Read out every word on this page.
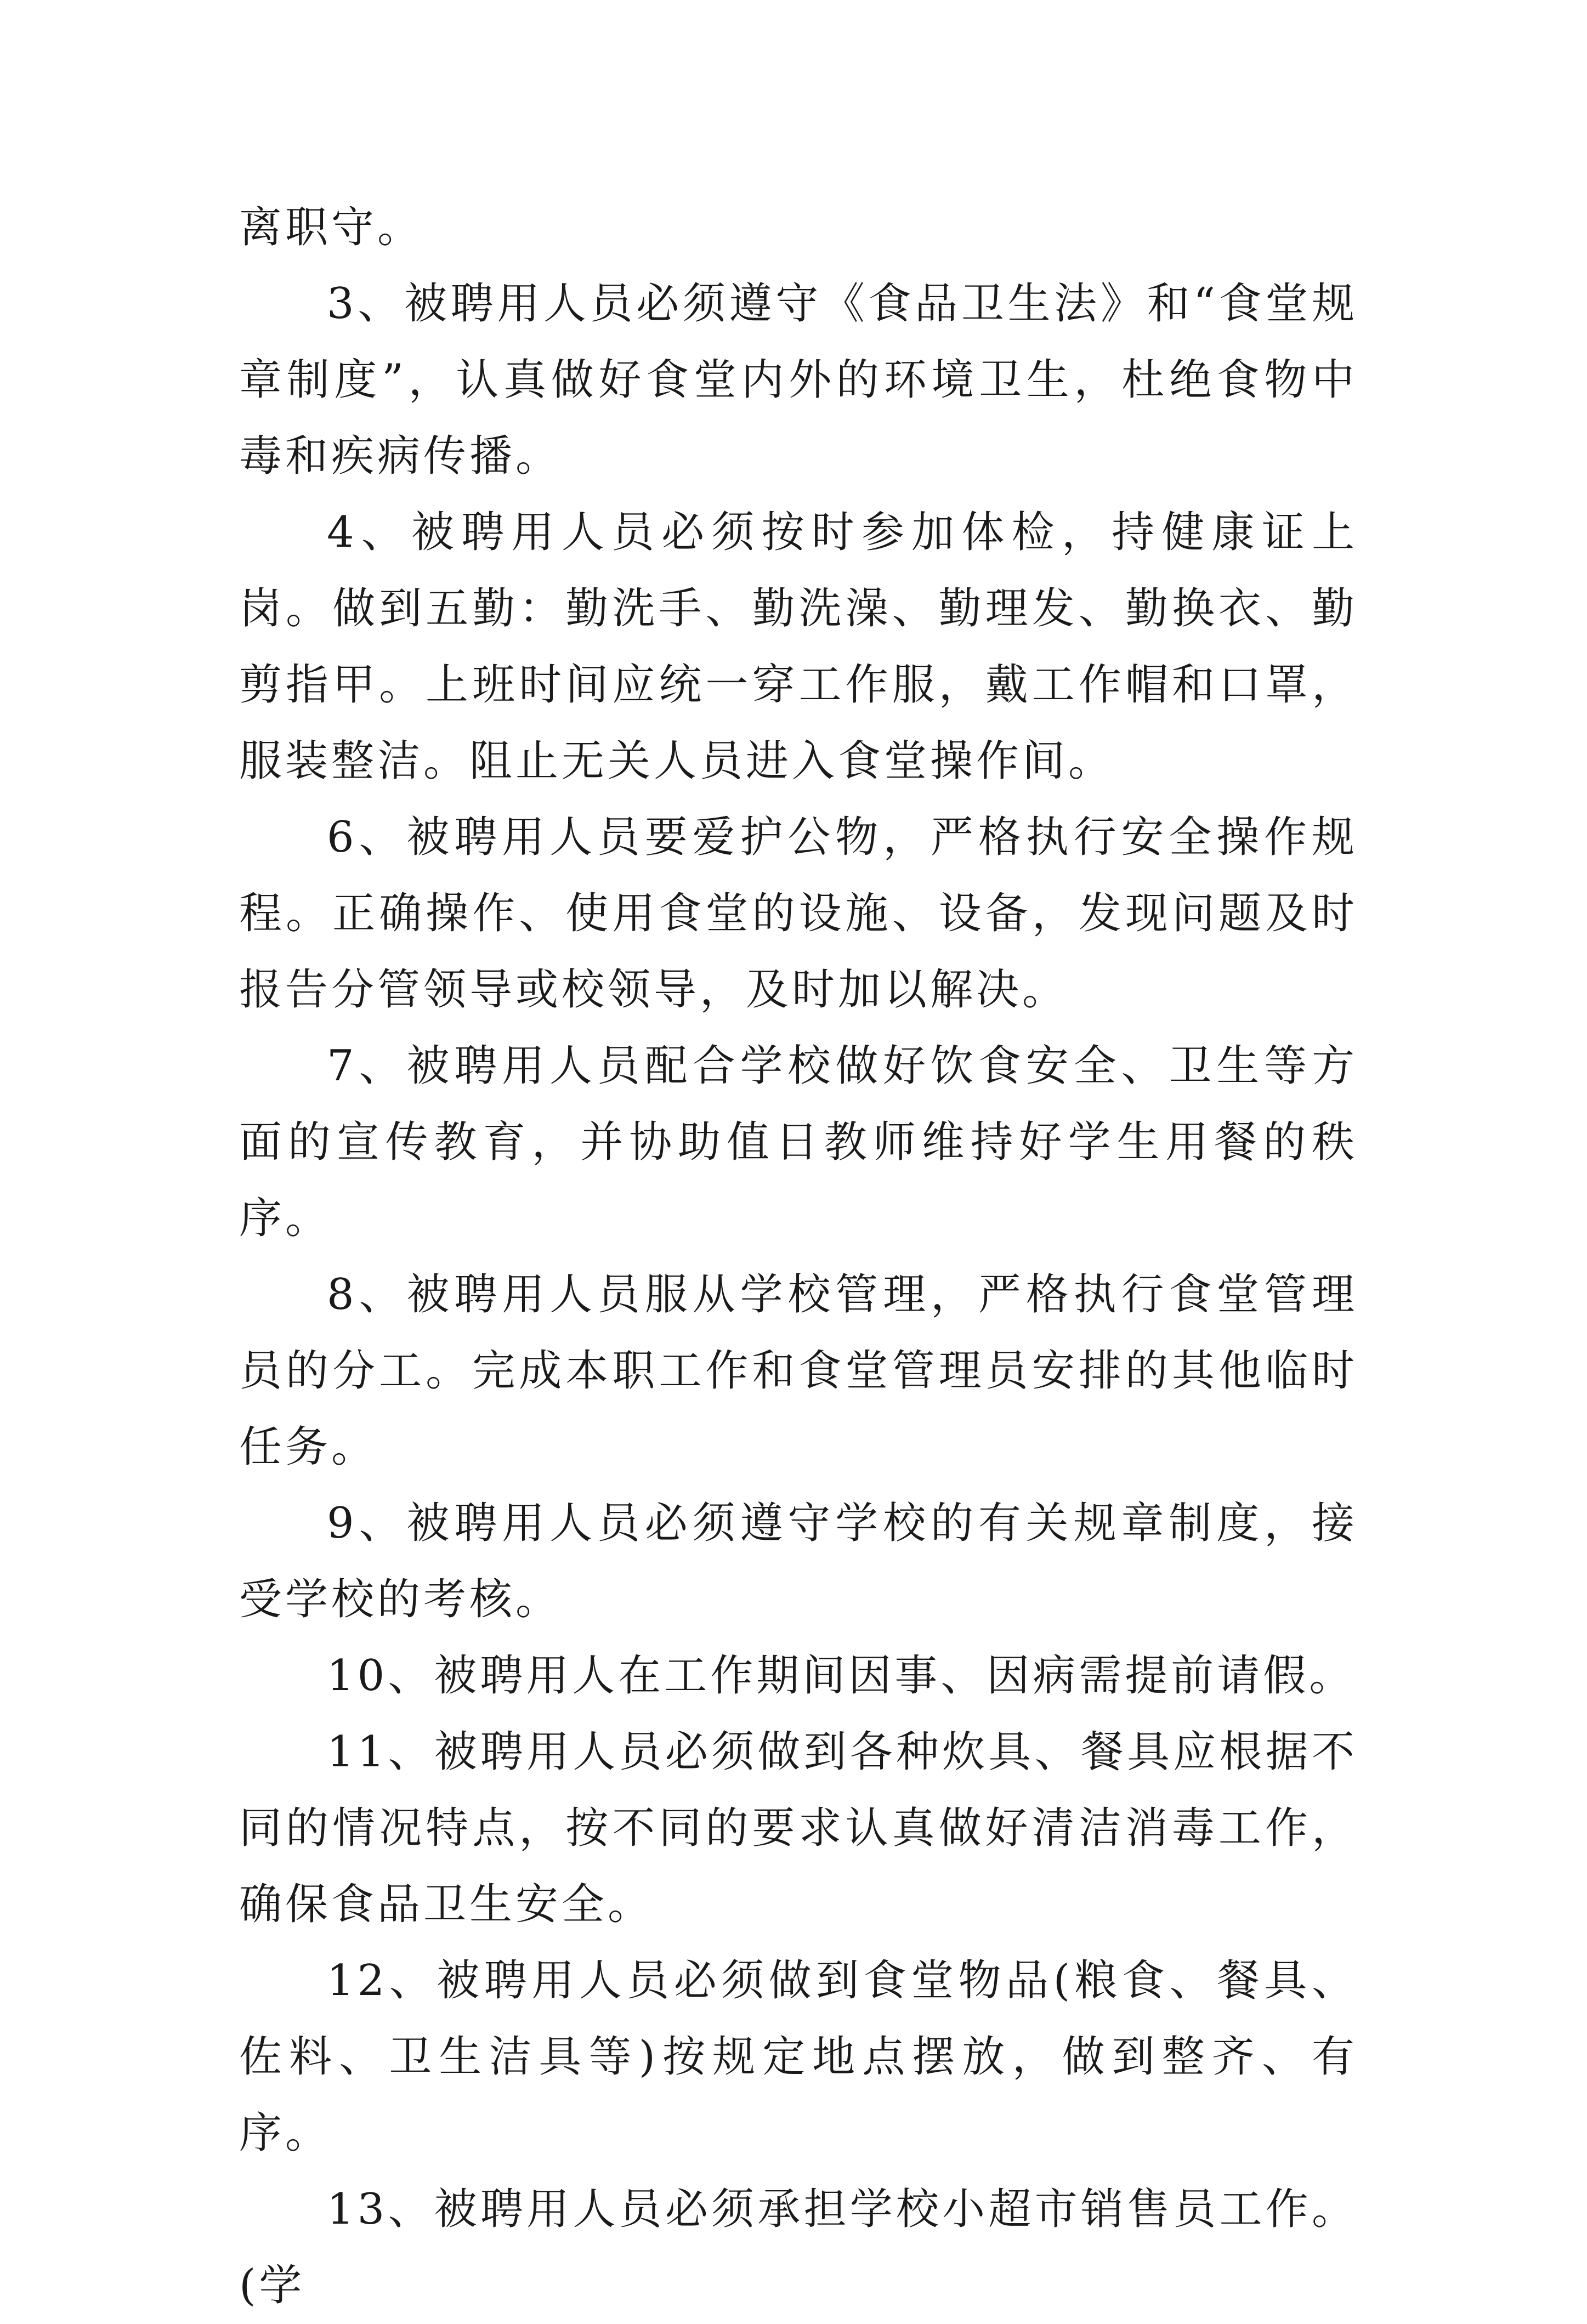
离职守。

3、被聘用人员必须遵守《食品卫生法》和“食堂规章制度”，认真做好食堂内外的环境卫生，杜绝食物中毒和疾病传播。

4、被聘用人员必须按时参加体检，持健康证上岗。做到五勤：勤洗手、勤洗澡、勤理发、勤换衣、勤剪指甲。上班时间应统一穿工作服，戴工作帽和口罩，服装整洁。阻止无关人员进入食堂操作间。

6、被聘用人员要爱护公物，严格执行安全操作规程。正确操作、使用食堂的设施、设备，发现问题及时报告分管领导或校领导，及时加以解决。

7、被聘用人员配合学校做好饮食安全、卫生等方面的宣传教育，并协助值日教师维持好学生用餐的秩序。

8、被聘用人员服从学校管理，严格执行食堂管理员的分工。完成本职工作和食堂管理员安排的其他临时任务。

9、被聘用人员必须遵守学校的有关规章制度，接受学校的考核。

10、被聘用人在工作期间因事、因病需提前请假。

11、被聘用人员必须做到各种炊具、餐具应根据不同的情况特点，按不同的要求认真做好清洁消毒工作，确保食品卫生安全。

12、被聘用人员必须做到食堂物品(粮食、餐具、佐料、卫生洁具等)按规定地点摆放，做到整齐、有序。

13、被聘用人员必须承担学校小超市销售员工作。(学
